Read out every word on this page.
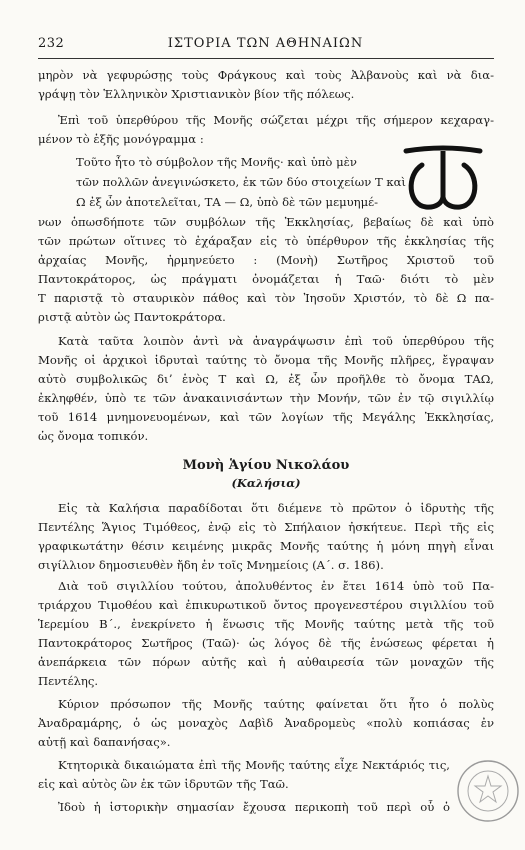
232	ΙΣΤΟΡΙΑ ΤΩΝ ΑΘΗΝΑΙΩΝ
μηρὸν νὰ γεφυρώσῃς τοὺς Φράγκους καὶ τοὺς Ἀλβανοὺς καὶ νὰ δια-
γράψῃ τὸν Ἑλληνικὸν Χριστιανικὸν βίον τῆς πόλεως.
Ἐπὶ τοῦ ὑπερθύρου τῆς Μονῆς σώζεται μέχρι τῆς σήμερον κεχαραγ-
μένον τὸ ἑξῆς μονόγραμμα :
Τοῦτο ἦτο τὸ σύμβολον τῆς Μονῆς· καὶ ὑπὸ μὲν
τῶν πολλῶν ἀνεγινώσκετο, ἐκ τῶν δύο στοιχείων Τ καὶ
Ω ἐξ ὧν ἀποτελεῖται, ΤΑ — Ω, ὑπὸ δὲ τῶν μεμυημέ-
νων ὁπωσδήποτε τῶν συμβόλων τῆς Ἐκκλησίας, βεβαίως δὲ καὶ ὑπὸ
τῶν πρώτων οἵτινες τὸ ἐχάραξαν εἰς τὸ ὑπέρθυρον τῆς ἐκκλησίας τῆς
ἀρχαίας Μονῆς, ἡρμηνεύετο : (Μονὴ) Σωτῆρος Χριστοῦ τοῦ
Παντοκράτορος, ὡς πράγματι ὀνομάζεται ἡ Ταῶ· διότι τὸ μὲν
Τ παριστᾷ τὸ σταυρικὸν πάθος καὶ τὸν Ἰησοῦν Χριστόν, τὸ δὲ Ω πα-
ριστᾷ αὐτὸν ὡς Παντοκράτορα.
Κατὰ ταῦτα λοιπὸν ἀντὶ νὰ ἀναγράψωσιν ἐπὶ τοῦ ὑπερθύρου τῆς
Μονῆς οἱ ἀρχικοὶ ἱδρυταὶ ταύτης τὸ ὄνομα τῆς Μονῆς πλῆρες, ἔγραψαν
αὐτὸ συμβολικῶς διʼ ἑνὸς Τ καὶ Ω, ἐξ ὧν προῆλθε τὸ ὄνομα ΤΑΩ,
ἐκληφθέν, ὑπὸ τε τῶν ἀνακαινισάντων τὴν Μονήν, τῶν ἐν τῷ σιγιλλίῳ
τοῦ 1614 μνημονευομένων, καὶ τῶν λογίων τῆς Μεγάλης Ἐκκλησίας,
ὡς ὄνομα τοπικόν.
Μονὴ Ἁγίου Νικολάου
(Καλήσια)
Εἰς τὰ Καλήσια παραδίδοται ὅτι διέμενε τὸ πρῶτον ὁ ἱδρυτὴς τῆς
Πεντέλης Ἅγιος Τιμόθεος, ἐνῷ εἰς τὸ Σπήλαιον ἠσκήτευε. Περὶ τῆς εἰς
γραφικωτάτην θέσιν κειμένης μικρᾶς Μονῆς ταύτης ἡ μόνη πηγὴ εἶναι
σιγίλλιον δημοσιευθὲν ἤδη ἐν τοῖς Μνημείοις (Α΄. σ. 186).
Διὰ τοῦ σιγιλλίου τούτου, ἀπολυθέντος ἐν ἔτει 1614 ὑπὸ τοῦ Πα-
τριάρχου Τιμοθέου καὶ ἐπικυρωτικοῦ ὄντος προγενεστέρου σιγιλλίου τοῦ
Ἱερεμίου Β΄., ἐνεκρίνετο ἡ ἕνωσις τῆς Μονῆς ταύτης μετὰ τῆς τοῦ
Παντοκράτορος Σωτῆρος (Ταῶ)· ὡς λόγος δὲ τῆς ἑνώσεως φέρεται ἡ
ἀνεπάρκεια τῶν πόρων αὐτῆς καὶ ἡ αὐθαιρεσία τῶν μοναχῶν τῆς
Πεντέλης.
Κύριον πρόσωπον τῆς Μονῆς ταύτης φαίνεται ὅτι ἦτο ὁ πολὺς
Ἀναδραμάρης, ὁ ὡς μοναχὸς Δαβὶδ Ἀναδρομεὺς «πολὺ κοπιάσας ἐν
αὐτῇ καὶ δαπανήσας».
Κτητορικὰ δικαιώματα ἐπὶ τῆς Μονῆς ταύτης εἶχε Νεκτάριός τις,
εἰς καὶ αὐτὸς ὢν ἐκ τῶν ἱδρυτῶν τῆς Ταῶ.
Ἰδοὺ ἡ ἱστορικὴν σημασίαν ἔχουσα περικοπὴ τοῦ περὶ οὗ ὁ
